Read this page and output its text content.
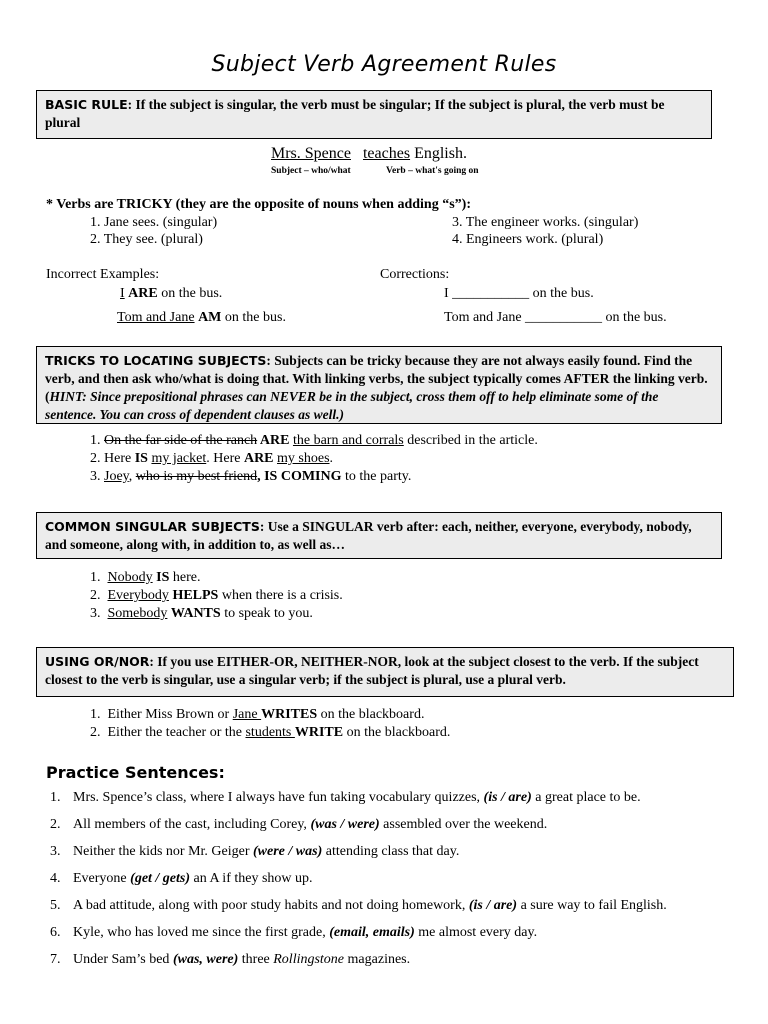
Subject Verb Agreement Rules
BASIC RULE: If the subject is singular, the verb must be singular; If the subject is plural, the verb must be plural
Mrs. Spence teaches English.
Subject – who/what	Verb – what's going on
* Verbs are TRICKY (they are the opposite of nouns when adding “s”):
1. Jane sees. (singular)
2. They see. (plural)
3. The engineer works. (singular)
4. Engineers work. (plural)
Incorrect Examples:
I ARE on the bus.
Tom and Jane AM on the bus.
Corrections:
I ___________ on the bus.
Tom and Jane ___________ on the bus.
TRICKS TO LOCATING SUBJECTS: Subjects can be tricky because they are not always easily found. Find the verb, and then ask who/what is doing that. With linking verbs, the subject typically comes AFTER the linking verb. (HINT: Since prepositional phrases can NEVER be in the subject, cross them off to help eliminate some of the sentence. You can cross of dependent clauses as well.)
1. On the far side of the ranch ARE the barn and corrals described in the article.
2. Here IS my jacket. Here ARE my shoes.
3. Joey, who is my best friend, IS COMING to the party.
COMMON SINGULAR SUBJECTS: Use a SINGULAR verb after: each, neither, everyone, everybody, nobody, and someone, along with, in addition to, as well as…
1. Nobody IS here.
2. Everybody HELPS when there is a crisis.
3. Somebody WANTS to speak to you.
USING OR/NOR: If you use EITHER-OR, NEITHER-NOR, look at the subject closest to the verb. If the subject closest to the verb is singular, use a singular verb; if the subject is plural, use a plural verb.
1. Either Miss Brown or Jane WRITES on the blackboard.
2. Either the teacher or the students WRITE on the blackboard.
Practice Sentences:
1. Mrs. Spence’s class, where I always have fun taking vocabulary quizzes, (is / are) a great place to be.
2. All members of the cast, including Corey, (was / were) assembled over the weekend.
3. Neither the kids nor Mr. Geiger (were / was) attending class that day.
4. Everyone (get / gets) an A if they show up.
5. A bad attitude, along with poor study habits and not doing homework, (is / are) a sure way to fail English.
6. Kyle, who has loved me since the first grade, (email, emails) me almost every day.
7. Under Sam’s bed (was, were) three Rollingstone magazines.
